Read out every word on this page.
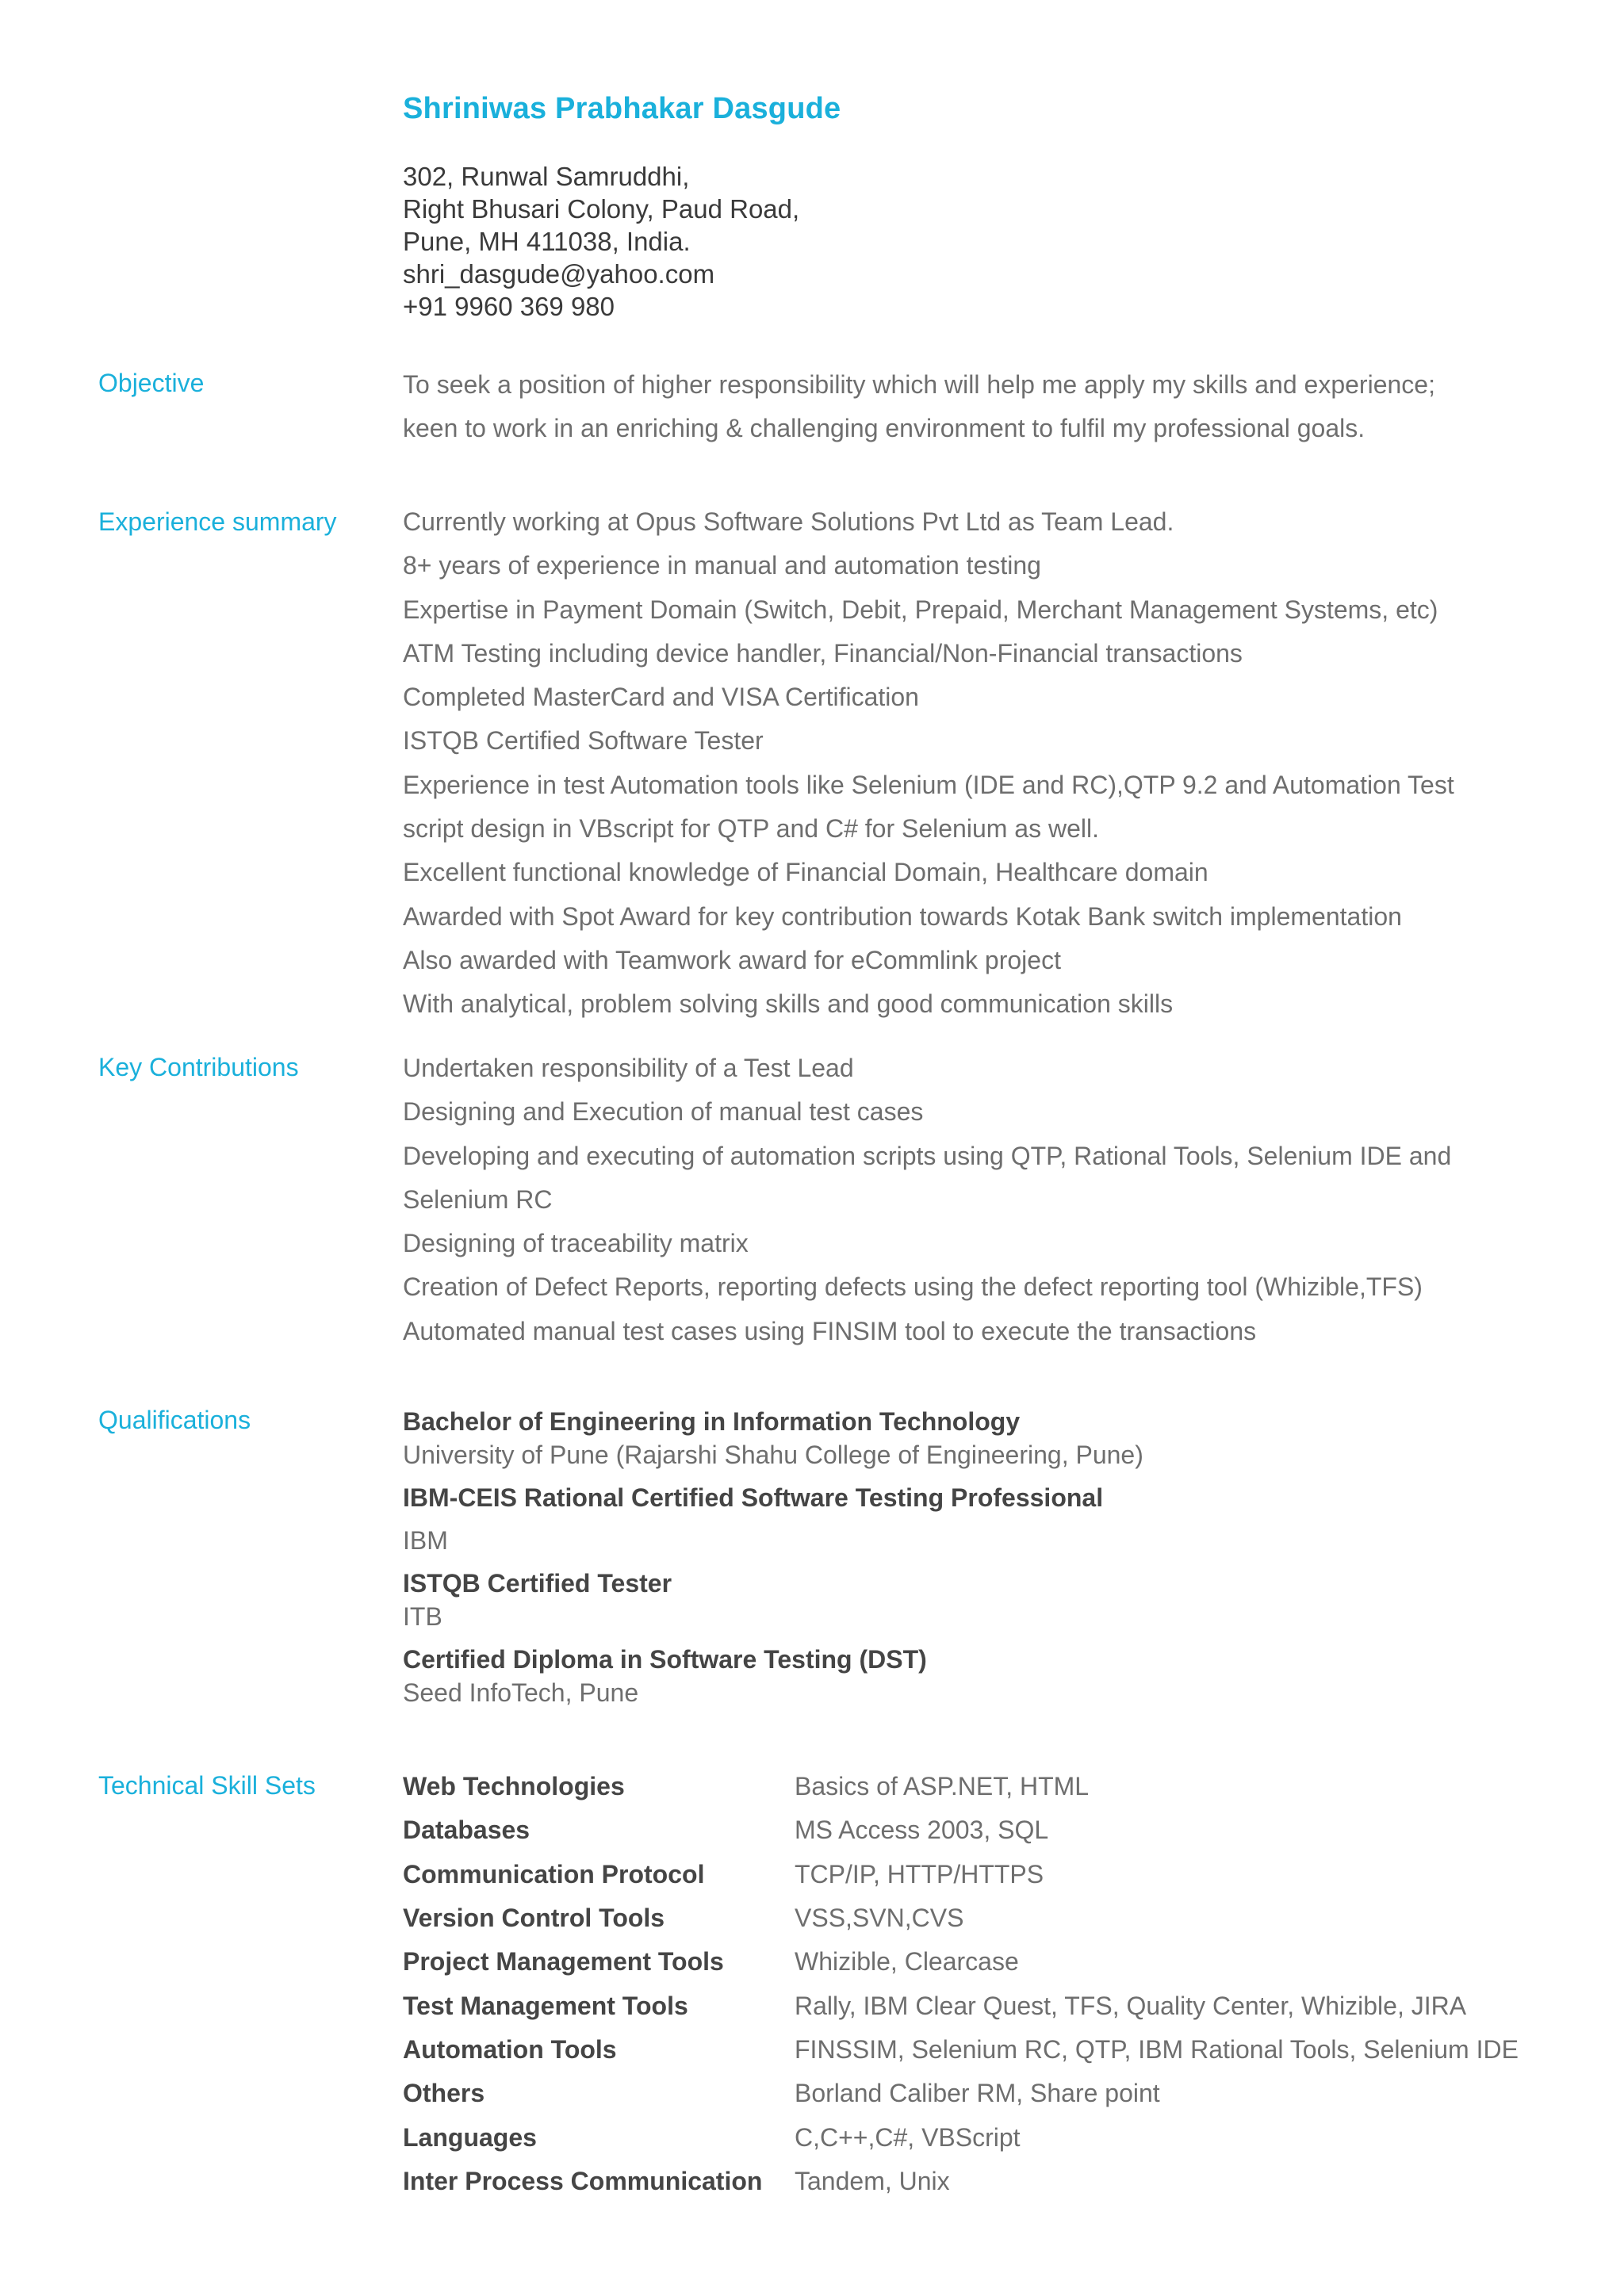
Shriniwas Prabhakar Dasgude
302, Runwal Samruddhi,
Right Bhusari Colony, Paud Road,
Pune, MH 411038, India.
shri_dasgude@yahoo.com
+91 9960 369 980
Objective	To seek a position of higher responsibility which will help me apply my skills and experience;
keen to work in an enriching & challenging environment to fulfil my professional goals.
Experience summary	Currently working at Opus Software Solutions Pvt Ltd as Team Lead.
8+ years of experience in manual and automation testing
Expertise in Payment Domain (Switch, Debit, Prepaid, Merchant Management Systems, etc)
ATM Testing including device handler, Financial/Non-Financial transactions
Completed MasterCard and VISA Certification
ISTQB Certified Software Tester
Experience in test Automation tools like Selenium (IDE and RC),QTP 9.2 and Automation Test
script design in VBscript for QTP and C# for Selenium as well.
Excellent functional knowledge of Financial Domain, Healthcare domain
Awarded with Spot Award for key contribution towards Kotak Bank switch implementation
Also awarded with Teamwork award for eCommlink project
With analytical, problem solving skills and good communication skills
Key Contributions	Undertaken responsibility of a Test Lead
Designing and Execution of manual test cases
Developing and executing of automation scripts using QTP, Rational Tools, Selenium IDE and
Selenium RC
Designing of traceability matrix
Creation of Defect Reports, reporting defects using the defect reporting tool (Whizible,TFS)
Automated manual test cases using FINSIM tool to execute the transactions
Qualifications	Bachelor of Engineering in Information Technology
University of Pune (Rajarshi Shahu College of Engineering, Pune)
IBM-CEIS Rational Certified Software Testing Professional
IBM
ISTQB Certified Tester
ITB
Certified Diploma in Software Testing (DST)
Seed InfoTech, Pune
Technical Skill Sets	Web Technologies	Basics of ASP.NET, HTML
Databases	MS Access 2003, SQL
Communication Protocol	TCP/IP, HTTP/HTTPS
Version Control Tools	VSS,SVN,CVS
Project Management Tools	Whizible, Clearcase
Test Management Tools	Rally, IBM Clear Quest, TFS, Quality Center, Whizible, JIRA
Automation Tools	FINSSIM, Selenium RC, QTP, IBM Rational Tools, Selenium IDE
Others	Borland Caliber RM, Share point
Languages	C,C++,C#, VBScript
Inter Process Communication	Tandem, Unix
